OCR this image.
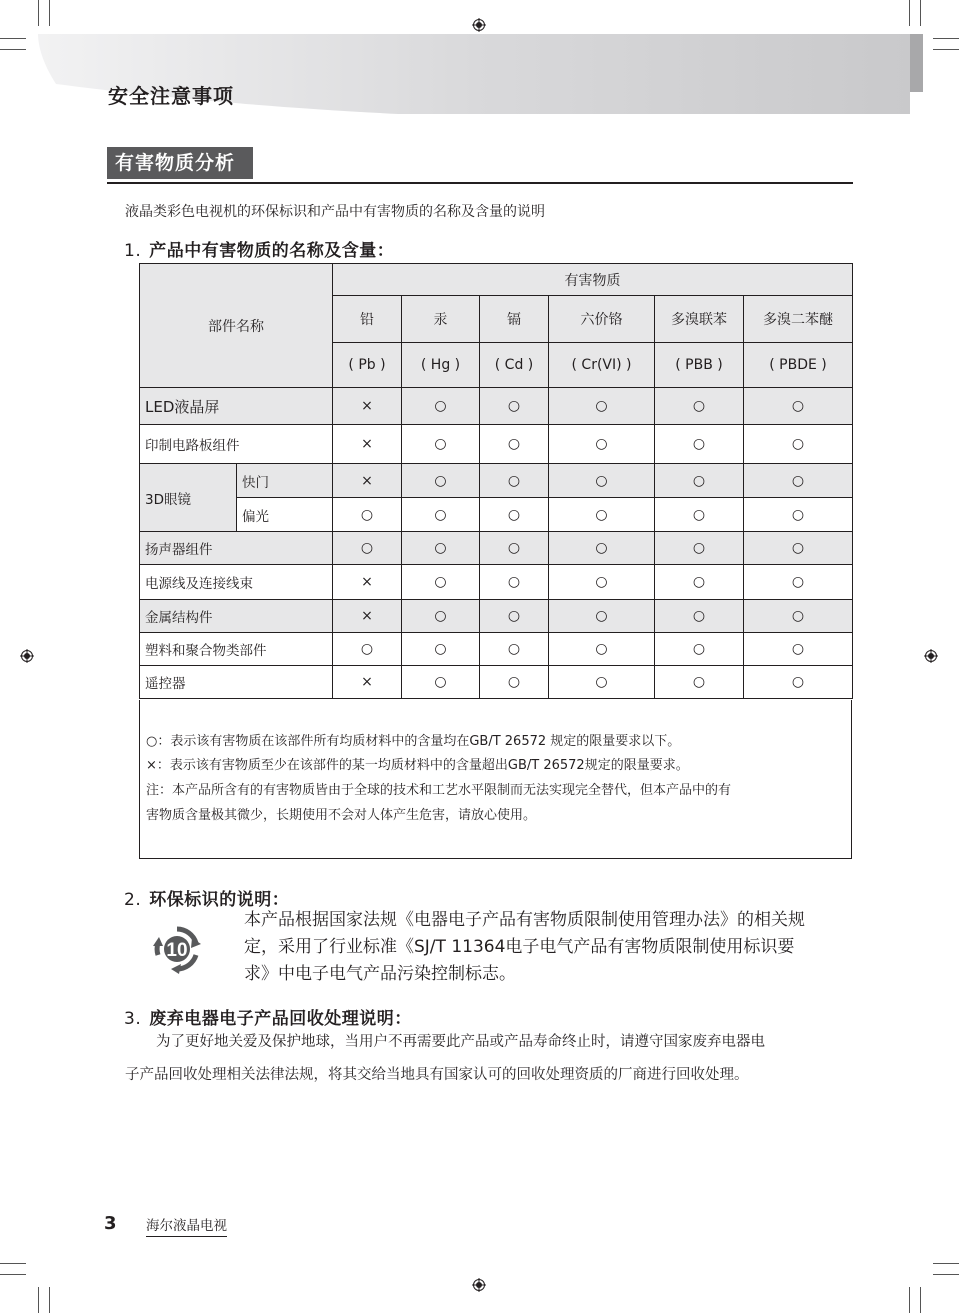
安全注意事项
有害物质分析
液晶类彩色电视机的环保标识和产品中有害物质的名称及含量的说明
1. 产品中有害物质的名称及含量：
部件名称		有害物质					
		铅	汞	镉	六价铬	多溴联苯	多溴二苯醚
		( Pb )	( Hg )	( Cd )	( Cr(VI) )	( PBB )	( PBDE )
LED液晶屏		×	○	○	○	○	○
印制电路板组件		×	○	○	○	○	○
3D眼镜	快门	×	○	○	○	○	○
	偏光	○	○	○	○	○	○
扬声器组件		○	○	○	○	○	○
电源线及连接线束		×	○	○	○	○	○
金属结构件		×	○	○	○	○	○
塑料和聚合物类部件		○	○	○	○	○	○
遥控器		×	○	○	○	○	○

○：表示该有害物质在该部件所有均质材料中的含量均在GB/T 26572 规定的限量要求以下。

×：表示该有害物质至少在该部件的某一均质材料中的含量超出GB/T 26572规定的限量要求。

注：本产品所含有的有害物质皆由于全球的技术和工艺水平限制而无法实现完全替代，但本产品中的有

害物质含量极其微少，长期使用不会对人体产生危害，请放心使用。

2. 环保标识的说明：
10
本产品根据国家法规《电器电子产品有害物质限制使用管理办法》的相关规
定，采用了行业标准《SJ/T 11364电子电气产品有害物质限制使用标识要
求》中电子电气产品污染控制标志。
3. 废弃电器电子产品回收处理说明：
为了更好地关爱及保护地球，当用户不再需要此产品或产品寿命终止时，请遵守国家废弃电器电
子产品回收处理相关法律法规，将其交给当地具有国家认可的回收处理资质的厂商进行回收处理。
3 海尔液晶电视
